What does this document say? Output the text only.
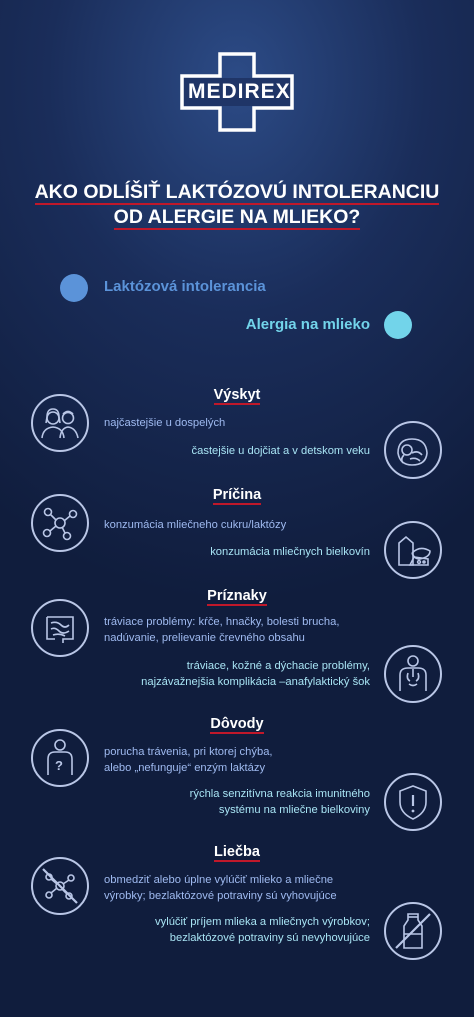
MEDIREX
AKO ODLÍŠIŤ LAKTÓZOVÚ INTOLERANCIU
OD ALERGIE NA MLIEKO?
Laktózová intolerancia
Alergia na mlieko
Výskyt
najčastejšie u dospelých
častejšie u dojčiat a v detskom veku
Príčina
konzumácia mliečneho cukru/laktózy
konzumácia mliečnych bielkovín
Príznaky
tráviace problémy: kŕče, hnačky, bolesti brucha,
nadúvanie, prelievanie črevného obsahu
tráviace, kožné a dýchacie problémy,
najzávažnejšia komplikácia –anafylaktický šok
Dôvody
?
porucha trávenia, pri ktorej chýba,
alebo „nefunguje“ enzým laktázy
rýchla senzitívna reakcia imunitného
systému na mliečne bielkoviny
Liečba
obmedziť alebo úplne vylúčiť mlieko a mliečne
výrobky; bezlaktózové potraviny sú vyhovujúce
vylúčiť príjem mlieka a mliečnych výrobkov;
bezlaktózové potraviny sú nevyhovujúce
